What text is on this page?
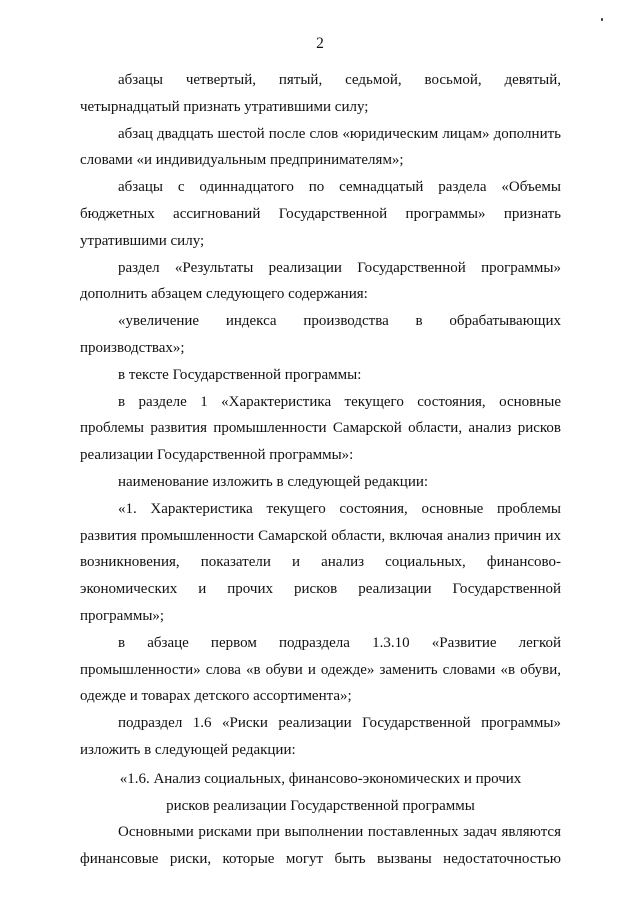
2

абзацы четвертый, пятый, седьмой, восьмой, девятый, четырнадцатый признать утратившими силу;

абзац двадцать шестой после слов «юридическим лицам» дополнить словами «и индивидуальным предпринимателям»;

абзацы с одиннадцатого по семнадцатый раздела «Объемы бюджетных ассигнований Государственной программы» признать утратившими силу;

раздел «Результаты реализации Государственной программы» дополнить абзацем следующего содержания:

«увеличение индекса производства в обрабатывающих производствах»;

в тексте Государственной программы:

в разделе 1 «Характеристика текущего состояния, основные проблемы развития промышленности Самарской области, анализ рисков реализации Государственной программы»:

наименование изложить в следующей редакции:

«1. Характеристика текущего состояния, основные проблемы развития промышленности Самарской области, включая анализ причин их возникновения, показатели и анализ социальных, финансово-экономических и прочих рисков реализации Государственной программы»;

в абзаце первом подраздела 1.3.10 «Развитие легкой промышленности» слова «в обуви и одежде» заменить словами «в обуви, одежде и товарах детского ассортимента»;

подраздел 1.6 «Риски реализации Государственной программы» изложить в следующей редакции:

«1.6. Анализ социальных, финансово-экономических и прочих

рисков реализации Государственной программы

Основными рисками при выполнении поставленных задач являются финансовые риски, которые могут быть вызваны недостаточностью
